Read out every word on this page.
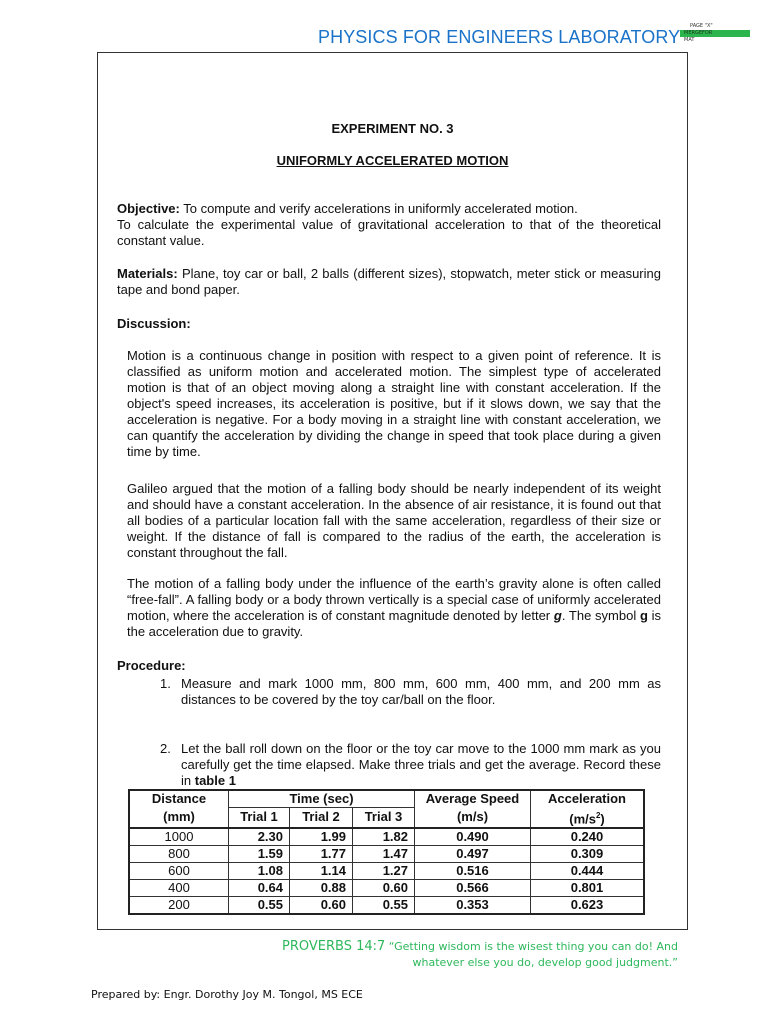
PHYSICS FOR ENGINEERS LABORATORY
PAGE "X"
MERGEFOR
MAT
EXPERIMENT NO. 3
UNIFORMLY ACCELERATED MOTION
Objective: To compute and verify accelerations in uniformly accelerated motion.
To calculate the experimental value of gravitational acceleration to that of the theoretical constant value.
Materials: Plane, toy car or ball, 2 balls (different sizes), stopwatch, meter stick or measuring tape and bond paper.
Discussion:
Motion is a continuous change in position with respect to a given point of reference. It is classified as uniform motion and accelerated motion. The simplest type of accelerated motion is that of an object moving along a straight line with constant acceleration. If the object's speed increases, its acceleration is positive, but if it slows down, we say that the acceleration is negative. For a body moving in a straight line with constant acceleration, we can quantify the acceleration by dividing the change in speed that took place during a given time by time.
Galileo argued that the motion of a falling body should be nearly independent of its weight and should have a constant acceleration. In the absence of air resistance, it is found out that all bodies of a particular location fall with the same acceleration, regardless of their size or weight. If the distance of fall is compared to the radius of the earth, the acceleration is constant throughout the fall.
The motion of a falling body under the influence of the earth’s gravity alone is often called “free-fall”. A falling body or a body thrown vertically is a special case of uniformly accelerated motion, where the acceleration is of constant magnitude denoted by letter g. The symbol g is the acceleration due to gravity.
Procedure:
1. Measure and mark 1000 mm, 800 mm, 600 mm, 400 mm, and 200 mm as distances to be covered by the toy car/ball on the floor.
2. Let the ball roll down on the floor or the toy car move to the 1000 mm mark as you carefully get the time elapsed. Make three trials and get the average. Record these in table 1
Distance	Time (sec)			Average Speed	Acceleration
(mm)	Trial 1	Trial 2	Trial 3	(m/s)	$(m/s^2)$
1000	2.30	1.99	1.82	0.490	0.240
800	1.59	1.77	1.47	0.497	0.309
600	1.08	1.14	1.27	0.516	0.444
400	0.64	0.88	0.60	0.566	0.801
200	0.55	0.60	0.55	0.353	0.623
PROVERBS 14:7 “Getting wisdom is the wisest thing you can do! And whatever else you do, develop good judgment.”
Prepared by: Engr. Dorothy Joy M. Tongol, MS ECE
